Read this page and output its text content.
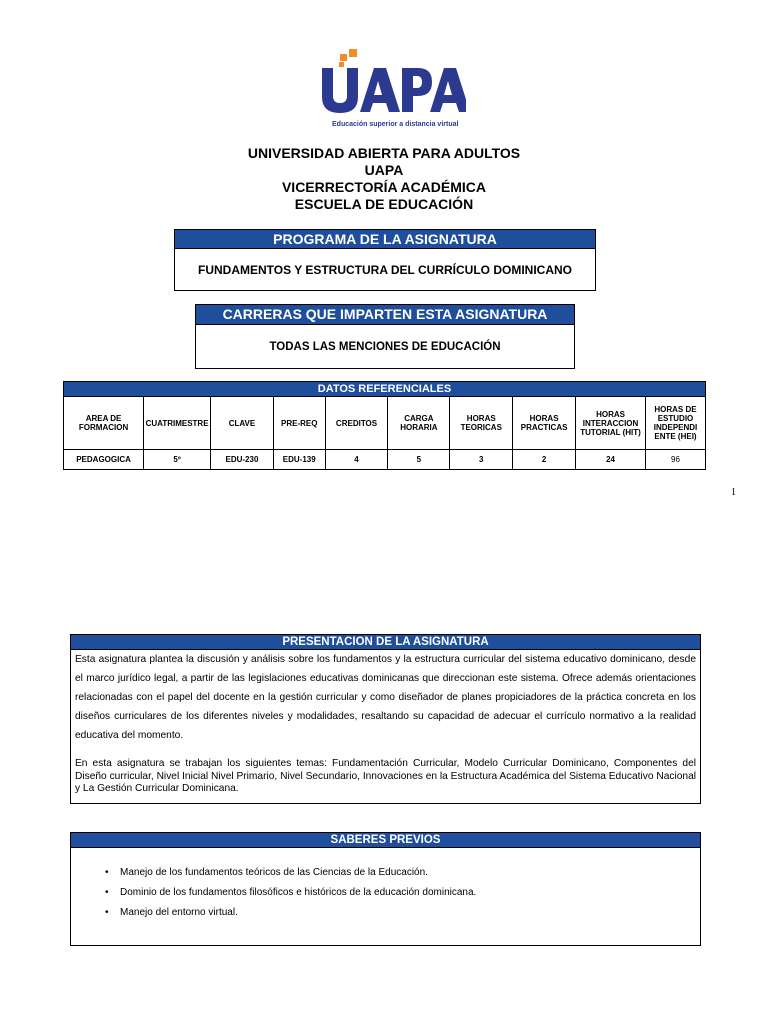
Educación superior a distancia virtual
UNIVERSIDAD ABIERTA PARA ADULTOS
UAPA
VICERRECTORÍA ACADÉMICA
ESCUELA DE EDUCACIÓN
PROGRAMA DE LA ASIGNATURA
FUNDAMENTOS Y ESTRUCTURA DEL CURRÍCULO DOMINICANO
CARRERAS QUE IMPARTEN ESTA ASIGNATURA
TODAS LAS MENCIONES DE EDUCACIÓN
DATOS REFERENCIALES									
AREA DE FORMACION	CUATRIMESTRE	CLAVE	PRE-REQ	CREDITOS	CARGA HORARIA	HORAS TEORICAS	HORAS PRACTICAS	HORAS INTERACCION TUTORIAL (HIT)	HORAS DE ESTUDIO INDEPENDI ENTE (HEI)
PEDAGOGICA	5º	EDU-230	EDU-139	4	5	3	2	24	96
1
PRESENTACION DE LA ASIGNATURA

Esta asignatura plantea la discusión y análisis sobre los fundamentos y la estructura curricular del sistema educativo dominicano, desde el marco jurídico legal, a partir de las legislaciones educativas dominicanas que direccionan este sistema. Ofrece además orientaciones relacionadas con el papel del docente en la gestión curricular y como diseñador de planes propiciadores de la práctica concreta en los diseños curriculares de los diferentes niveles y modalidades, resaltando su capacidad de adecuar el currículo normativo a la realidad educativa del momento.

En esta asignatura se trabajan los siguientes temas: Fundamentación Curricular, Modelo Curricular Dominicano, Componentes del Diseño curricular, Nivel Inicial Nivel Primario, Nivel Secundario, Innovaciones en la Estructura Académica del Sistema Educativo Nacional y La Gestión Curricular Dominicana.

SABERES PREVIOS
• Manejo de los fundamentos teóricos de las Ciencias de la Educación.
• Dominio de los fundamentos filosóficos e históricos de la educación dominicana.
• Manejo del entorno virtual.
